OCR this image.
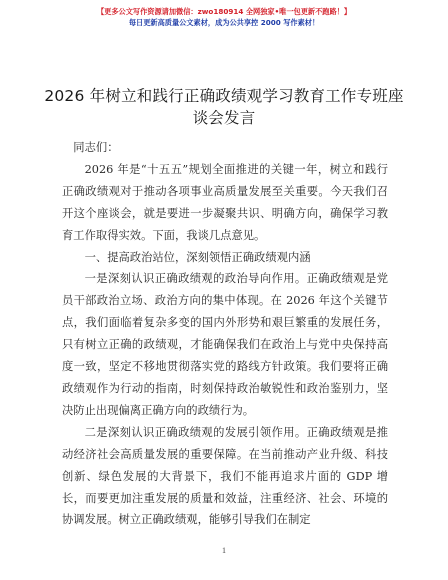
【更多公文写作资源请加微信：zwo180914 全网独家•唯一包更新不跑路！】
每日更新高质量公文素材，成为公共享控 2000 写作素材！
2026 年树立和践行正确政绩观学习教育工作专班座谈会发言

同志们：

2026 年是“十五五”规划全面推进的关键一年，树立和践行正确政绩观对于推动各项事业高质量发展至关重要。今天我们召开这个座谈会，就是要进一步凝聚共识、明确方向，确保学习教育工作取得实效。下面，我谈几点意见。

一、提高政治站位，深刻领悟正确政绩观内涵

一是深刻认识正确政绩观的政治导向作用。正确政绩观是党员干部政治立场、政治方向的集中体现。在 2026 年这个关键节点，我们面临着复杂多变的国内外形势和艰巨繁重的发展任务，只有树立正确的政绩观，才能确保我们在政治上与党中央保持高度一致，坚定不移地贯彻落实党的路线方针政策。我们要将正确政绩观作为行动的指南，时刻保持政治敏锐性和政治鉴别力，坚决防止出现偏离正确方向的政绩行为。

二是深刻认识正确政绩观的发展引领作用。正确政绩观是推动经济社会高质量发展的重要保障。在当前推动产业升级、科技创新、绿色发展的大背景下，我们不能再追求片面的 GDP 增长，而要更加注重发展的质量和效益，注重经济、社会、环境的协调发展。树立正确政绩观，能够引导我们在制定

1
